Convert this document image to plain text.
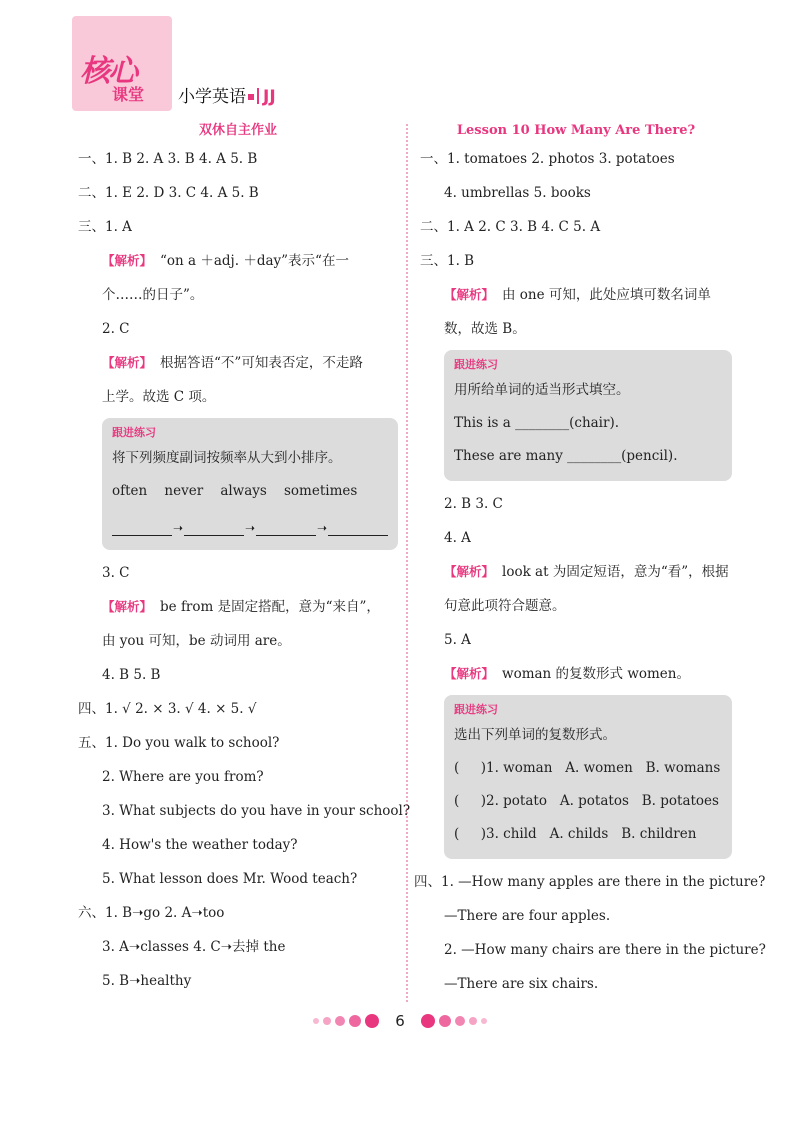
核心
课堂 小学英语 JJ
双休自主作业
一、1. B 2. A 3. B 4. A 5. B
二、1. E 2. D 3. C 4. A 5. B
三、1. A
【解析】 “on a ＋adj. ＋day”表示“在一
个……的日子”。
2. C
【解析】 根据答语“不”可知表否定，不走路
上学。故选 C 项。
跟进练习
将下列频度副词按频率从大到小排序。
often    never    always    sometimes
➝	➝	➝
3. C
【解析】 be from 是固定搭配，意为“来自”，
由 you 可知，be 动词用 are。
4. B 5. B
四、1. √ 2. × 3. √ 4. × 5. √
五、1. Do you walk to school?
2. Where are you from?
3. What subjects do you have in your school?
4. How's the weather today?
5. What lesson does Mr. Wood teach?
六、1. B➝go 2. A➝too
3. A➝classes 4. C➝去掉 the
5. B➝healthy
Lesson 10 How Many Are There?
一、1. tomatoes 2. photos 3. potatoes
4. umbrellas 5. books
二、1. A 2. C 3. B 4. C 5. A
三、1. B
【解析】 由 one 可知，此处应填可数名词单
数，故选 B。
跟进练习
用所给单词的适当形式填空。
This is a ________(chair).
These are many ________(pencil).
2. B 3. C
4. A
【解析】 look at 为固定短语，意为“看”，根据
句意此项符合题意。
5. A
【解析】 woman 的复数形式 women。
跟进练习
选出下列单词的复数形式。
(     )1. woman   A. women   B. womans
(     )2. potato   A. potatos   B. potatoes
(     )3. child   A. childs   B. children
四、1. —How many apples are there in the picture?
—There are four apples.
2. —How many chairs are there in the picture?
—There are six chairs.
6
